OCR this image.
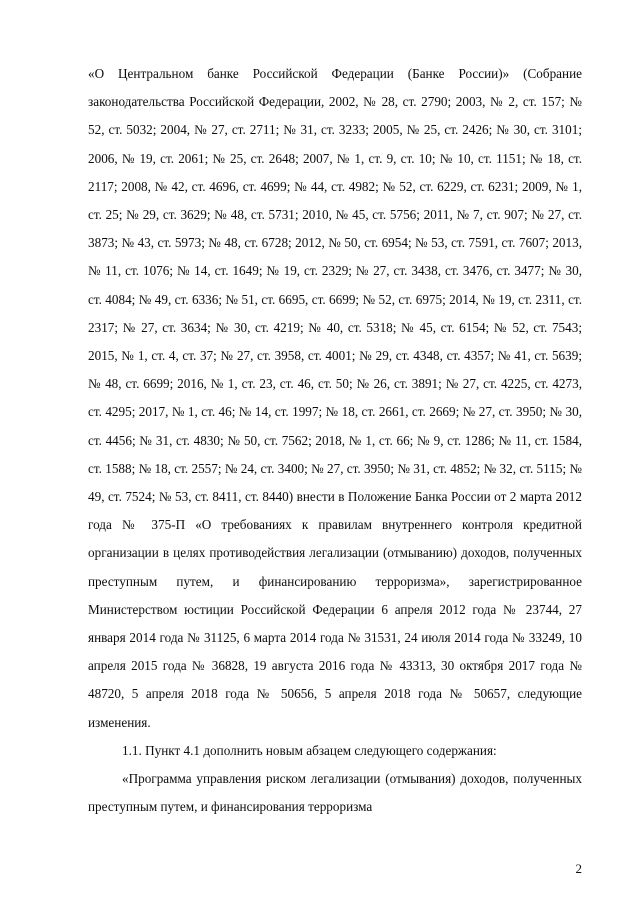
«О Центральном банке Российской Федерации (Банке России)» (Собрание законодательства Российской Федерации, 2002, № 28, ст. 2790; 2003, № 2, ст. 157; № 52, ст. 5032; 2004, № 27, ст. 2711; № 31, ст. 3233; 2005, № 25, ст. 2426; № 30, ст. 3101; 2006, № 19, ст. 2061; № 25, ст. 2648; 2007, № 1, ст. 9, ст. 10; № 10, ст. 1151; № 18, ст. 2117; 2008, № 42, ст. 4696, ст. 4699; № 44, ст. 4982; № 52, ст. 6229, ст. 6231; 2009, № 1, ст. 25; № 29, ст. 3629; № 48, ст. 5731; 2010, № 45, ст. 5756; 2011, № 7, ст. 907; № 27, ст. 3873; № 43, ст. 5973; № 48, ст. 6728; 2012, № 50, ст. 6954; № 53, ст. 7591, ст. 7607; 2013, № 11, ст. 1076; № 14, ст. 1649; № 19, ст. 2329; № 27, ст. 3438, ст. 3476, ст. 3477; № 30, ст. 4084; № 49, ст. 6336; № 51, ст. 6695, ст. 6699; № 52, ст. 6975; 2014, № 19, ст. 2311, ст. 2317; № 27, ст. 3634; № 30, ст. 4219; № 40, ст. 5318; № 45, ст. 6154; № 52, ст. 7543; 2015, № 1, ст. 4, ст. 37; № 27, ст. 3958, ст. 4001; № 29, ст. 4348, ст. 4357; № 41, ст. 5639; № 48, ст. 6699; 2016, № 1, ст. 23, ст. 46, ст. 50; № 26, ст. 3891; № 27, ст. 4225, ст. 4273, ст. 4295; 2017, № 1, ст. 46; № 14, ст. 1997; № 18, ст. 2661, ст. 2669; № 27, ст. 3950; № 30, ст. 4456; № 31, ст. 4830; № 50, ст. 7562; 2018, № 1, ст. 66; № 9, ст. 1286; № 11, ст. 1584, ст. 1588; № 18, ст. 2557; № 24, ст. 3400; № 27, ст. 3950; № 31, ст. 4852; № 32, ст. 5115; № 49, ст. 7524; № 53, ст. 8411, ст. 8440) внести в Положение Банка России от 2 марта 2012 года № 375-П «О требованиях к правилам внутреннего контроля кредитной организации в целях противодействия легализации (отмыванию) доходов, полученных преступным путем, и финансированию терроризма», зарегистрированное Министерством юстиции Российской Федерации 6 апреля 2012 года № 23744, 27 января 2014 года № 31125, 6 марта 2014 года № 31531, 24 июля 2014 года № 33249, 10 апреля 2015 года № 36828, 19 августа 2016 года № 43313, 30 октября 2017 года № 48720, 5 апреля 2018 года № 50656, 5 апреля 2018 года № 50657, следующие изменения.

1.1. Пункт 4.1 дополнить новым абзацем следующего содержания:

«Программа управления риском легализации (отмывания) доходов, полученных преступным путем, и финансирования терроризма

2
